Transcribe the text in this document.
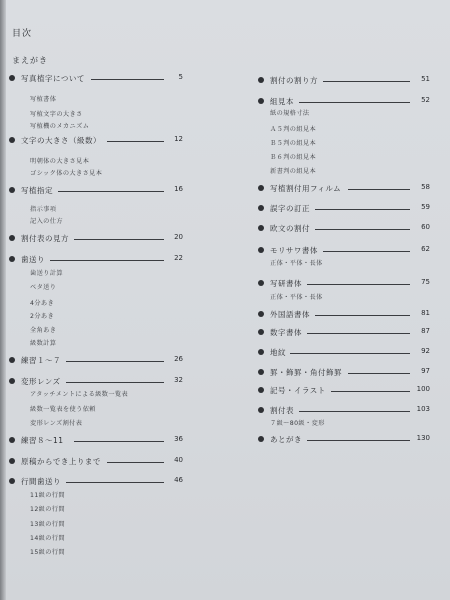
目次
まえがき
写真植字について	5
写植書体
写植文字の大きさ
写植機のメカニズム
文字の大きさ（級数）	12
明朝体の大きさ見本
ゴシック体の大きさ見本
写植指定	16
指示事項
記入の仕方
割付表の見方	20
歯送り	22
歯送り計算
ベタ送り
4分あき
2分あき
全角あき
級数計算
練習１～７	26
変形レンズ	32
アタッチメントによる級数一覧表
級数一覧表を使う依頼
変形レンズ割付表
練習８～11	36
原稿からでき上りまで	40
行間歯送り	46
11級の行間
12級の行間
13級の行間
14級の行間
15級の行間
割付の割り方	51
組見本	52
紙の規格寸法
Ａ５判の組見本
Ｂ５判の組見本
Ｂ６判の組見本
新書判の組見本
写植割付用フィルム	58
誤字の訂正	59
欧文の割付	60
モリサワ書体	62
正体・平体・長体
写研書体	75
正体・平体・長体
外国語書体	81
数字書体	87
地紋	92
罫・飾罫・角付飾罫	97
記号・イラスト	100
割付表	103
７級～80級・変形
あとがき	130
